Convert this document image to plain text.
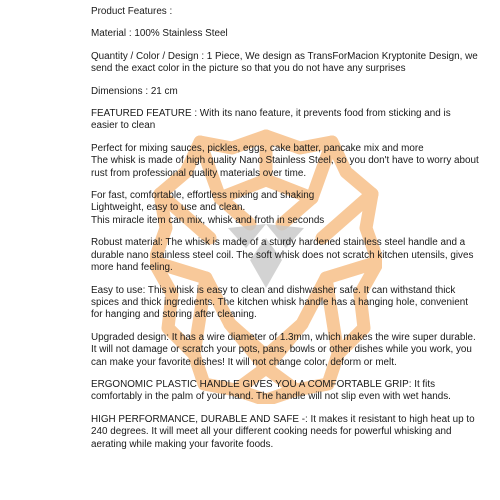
Product Features :

Material : 100% Stainless Steel

Quantity / Color / Design : 1 Piece, We design as TransForMacion Kryptonite Design, we send the exact color in the picture so that you do not have any surprises

Dimensions : 21 cm

FEATURED FEATURE : With its nano feature, it prevents food from sticking and is easier to clean

Perfect for mixing sauces, pickles, eggs, cake batter, pancake mix and more
The whisk is made of high quality Nano Stainless Steel, so you don't have to worry about rust from professional quality materials over time.

For fast, comfortable, effortless mixing and shaking
Lightweight, easy to use and clean.
This miracle item can mix, whisk and froth in seconds

Robust material: The whisk is made of a sturdy hardened stainless steel handle and a durable nano stainless steel coil. The soft whisk does not scratch kitchen utensils, gives more hand feeling.

Easy to use: This whisk is easy to clean and dishwasher safe. It can withstand thick spices and thick ingredients. The kitchen whisk handle has a hanging hole, convenient for hanging and storing after cleaning.

Upgraded design: It has a wire diameter of 1.3mm, which makes the wire super durable. It will not damage or scratch your pots, pans, bowls or other dishes while you work, you can make your favorite dishes! It will not change color, deform or melt.

ERGONOMIC PLASTIC HANDLE GIVES YOU A COMFORTABLE GRIP: It fits comfortably in the palm of your hand. The handle will not slip even with wet hands.

HIGH PERFORMANCE, DURABLE AND SAFE -: It makes it resistant to high heat up to 240 degrees. It will meet all your different cooking needs for powerful whisking and aerating while making your favorite foods.
